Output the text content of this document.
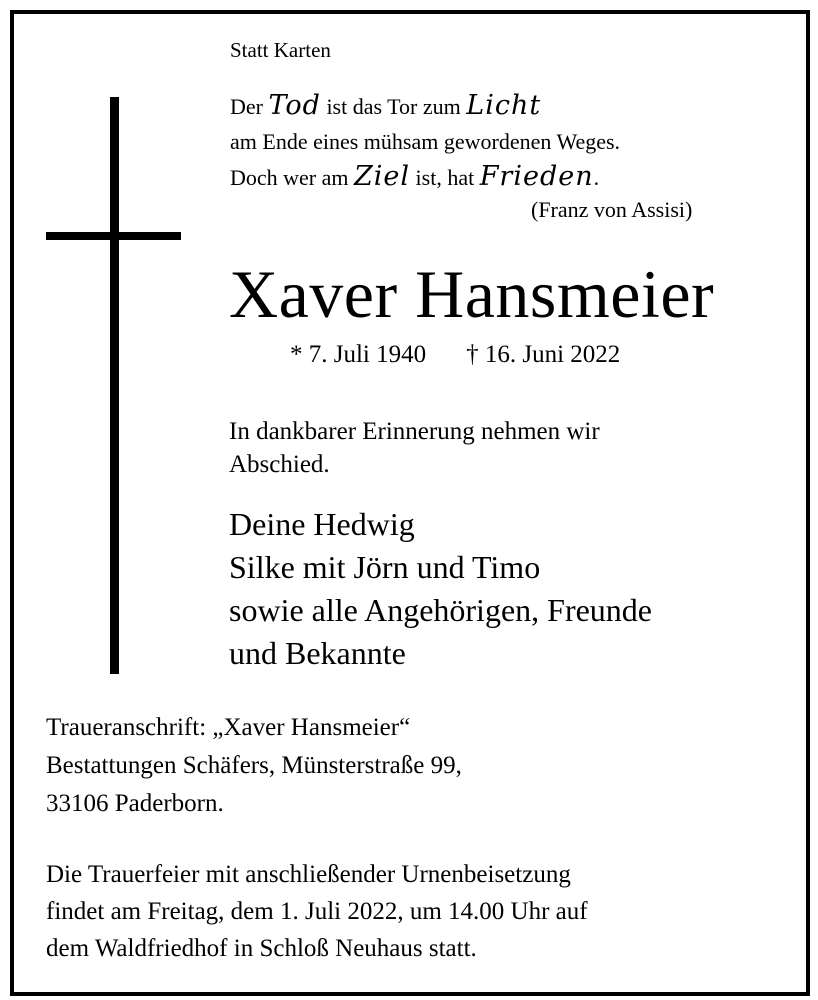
Statt Karten
Der Tod ist das Tor zum Licht
am Ende eines mühsam gewordenen Weges.
Doch wer am Ziel ist, hat Frieden.
(Franz von Assisi)
Xaver Hansmeier
* 7. Juli 1940 † 16. Juni 2022
In dankbarer Erinnerung nehmen wir
Abschied.
Deine Hedwig
Silke mit Jörn und Timo
sowie alle Angehörigen, Freunde
und Bekannte
Traueranschrift: „Xaver Hansmeier“
Bestattungen Schäfers, Münsterstraße 99,
33106 Paderborn.
Die Trauerfeier mit anschließender Urnenbeisetzung
findet am Freitag, dem 1. Juli 2022, um 14.00 Uhr auf
dem Waldfriedhof in Schloß Neuhaus statt.
